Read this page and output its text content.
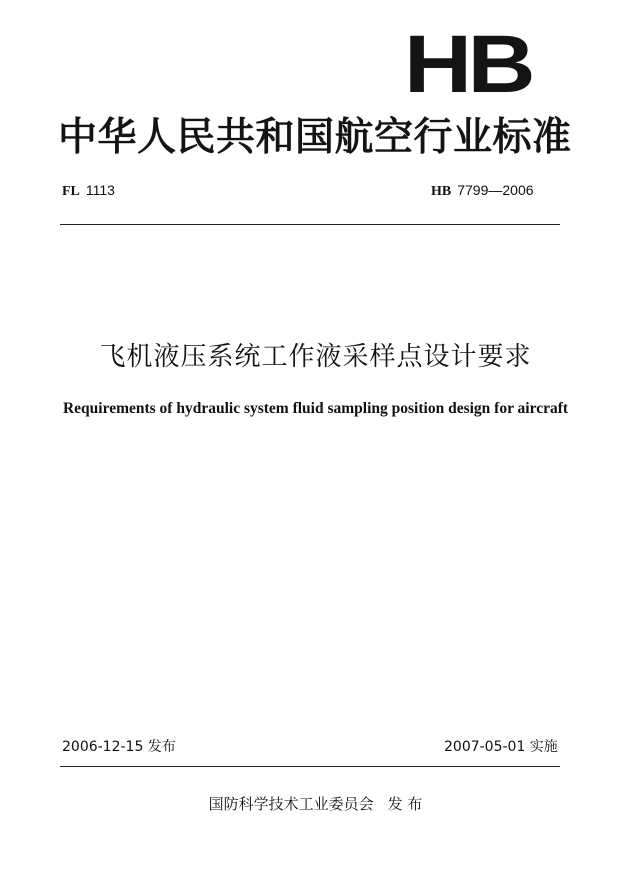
HB
中华人民共和国航空行业标准
FL 1113	HB 7799—2006
飞机液压系统工作液采样点设计要求
Requirements of hydraulic system fluid sampling position design for aircraft
2006-12-15 发布	2007-05-01 实施
国防科学技术工业委员会 发 布
